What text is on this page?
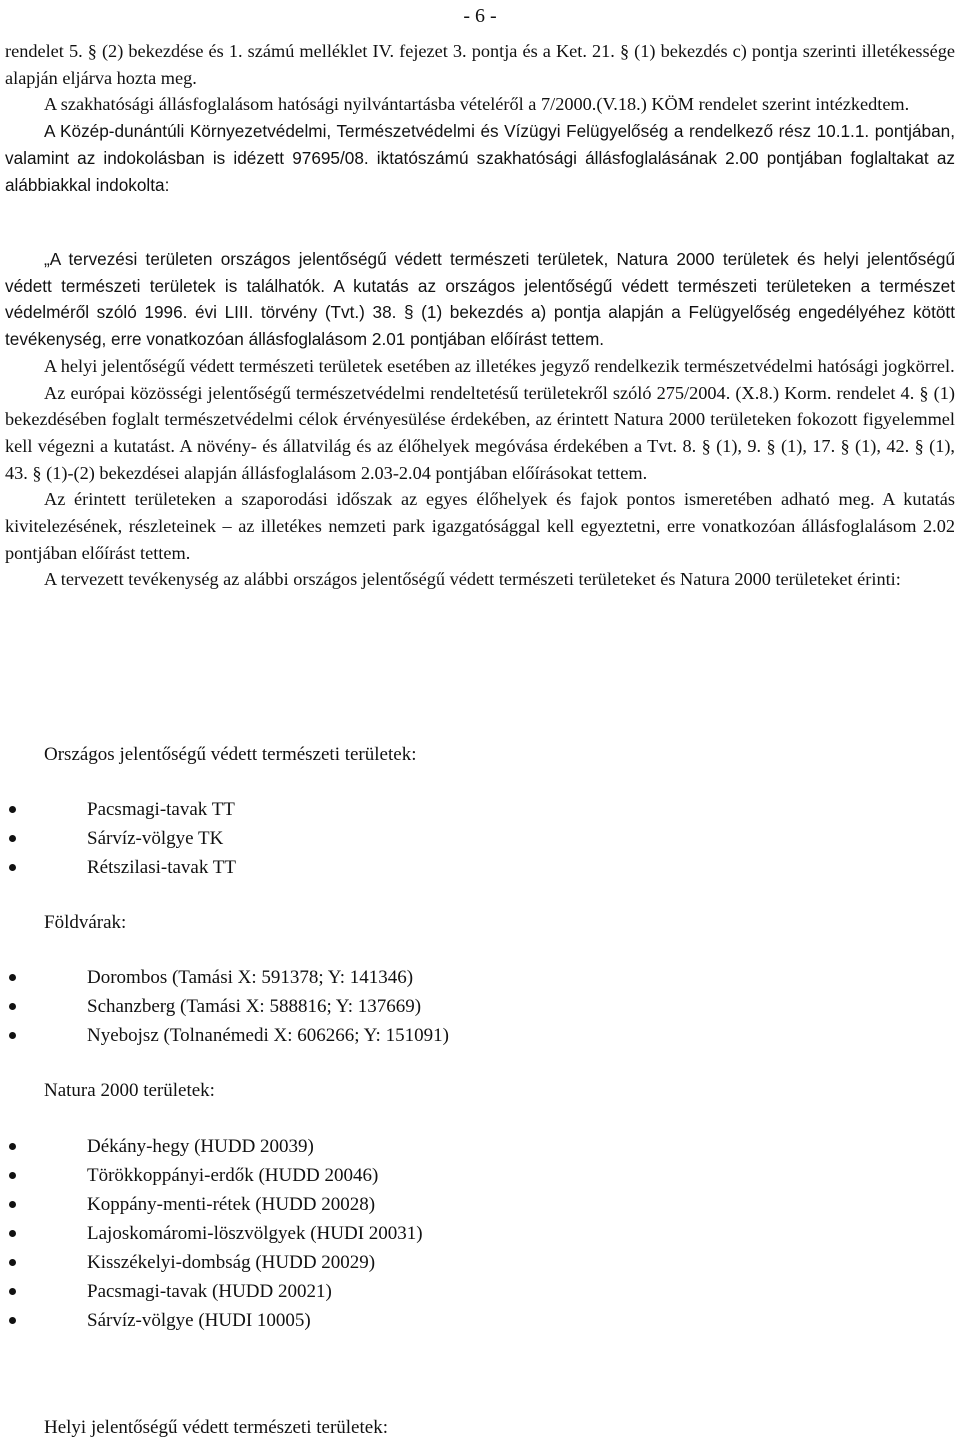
- 6 -

rendelet 5. § (2) bekezdése és 1. számú melléklet IV. fejezet 3. pontja és a Ket. 21. § (1) bekezdés c) pontja szerinti illetékessége alapján eljárva hozta meg.

A szakhatósági állásfoglalásom hatósági nyilvántartásba vételéről a 7/2000.(V.18.) KÖM rendelet szerint intézkedtem.

A Közép-dunántúli Környezetvédelmi, Természetvédelmi és Vízügyi Felügyelőség a rendelkező rész 10.1.1. pontjában, valamint az indokolásban is idézett 97695/08. iktatószámú szakhatósági állásfoglalásának 2.00 pontjában foglaltakat az alábbiakkal indokolta:

„A tervezési területen országos jelentőségű védett természeti területek, Natura 2000 területek és helyi jelentőségű védett természeti területek is találhatók. A kutatás az országos jelentőségű védett természeti területeken a természet védelméről szóló 1996. évi LIII. törvény (Tvt.) 38. § (1) bekezdés a) pontja alapján a Felügyelőség engedélyéhez kötött tevékenység, erre vonatkozóan állásfoglalásom 2.01 pontjában előírást tettem.

A helyi jelentőségű védett természeti területek esetében az illetékes jegyző rendelkezik természetvédelmi hatósági jogkörrel.

Az európai közösségi jelentőségű természetvédelmi rendeltetésű területekről szóló 275/2004. (X.8.) Korm. rendelet 4. § (1) bekezdésében foglalt természetvédelmi célok érvényesülése érdekében, az érintett Natura 2000 területeken fokozott figyelemmel kell végezni a kutatást. A növény- és állatvilág és az élőhelyek megóvása érdekében a Tvt. 8. § (1), 9. § (1), 17. § (1), 42. § (1), 43. § (1)-(2) bekezdései alapján állásfoglalásom 2.03-2.04 pontjában előírásokat tettem.

Az érintett területeken a szaporodási időszak az egyes élőhelyek és fajok pontos ismeretében adható meg. A kutatás kivitelezésének, részleteinek – az illetékes nemzeti park igazgatósággal kell egyeztetni, erre vonatkozóan állásfoglalásom 2.02 pontjában előírást tettem.

A tervezett tevékenység az alábbi országos jelentőségű védett természeti területeket és Natura 2000 területeket érinti:

Országos jelentőségű védett természeti területek:
Pacsmagi-tavak TT
Sárvíz-völgye TK
Rétszilasi-tavak TT
Földvárak:
Dorombos (Tamási X: 591378; Y: 141346)
Schanzberg (Tamási X: 588816; Y: 137669)
Nyebojsz (Tolnanémedi X: 606266; Y: 151091)
Natura 2000 területek:
Dékány-hegy (HUDD 20039)
Törökkoppányi-erdők (HUDD 20046)
Koppány-menti-rétek (HUDD 20028)
Lajoskomáromi-löszvölgyek (HUDI 20031)
Kisszékelyi-dombság (HUDD 20029)
Pacsmagi-tavak (HUDD 20021)
Sárvíz-völgye (HUDI 10005)
Helyi jelentőségű védett természeti területek:
